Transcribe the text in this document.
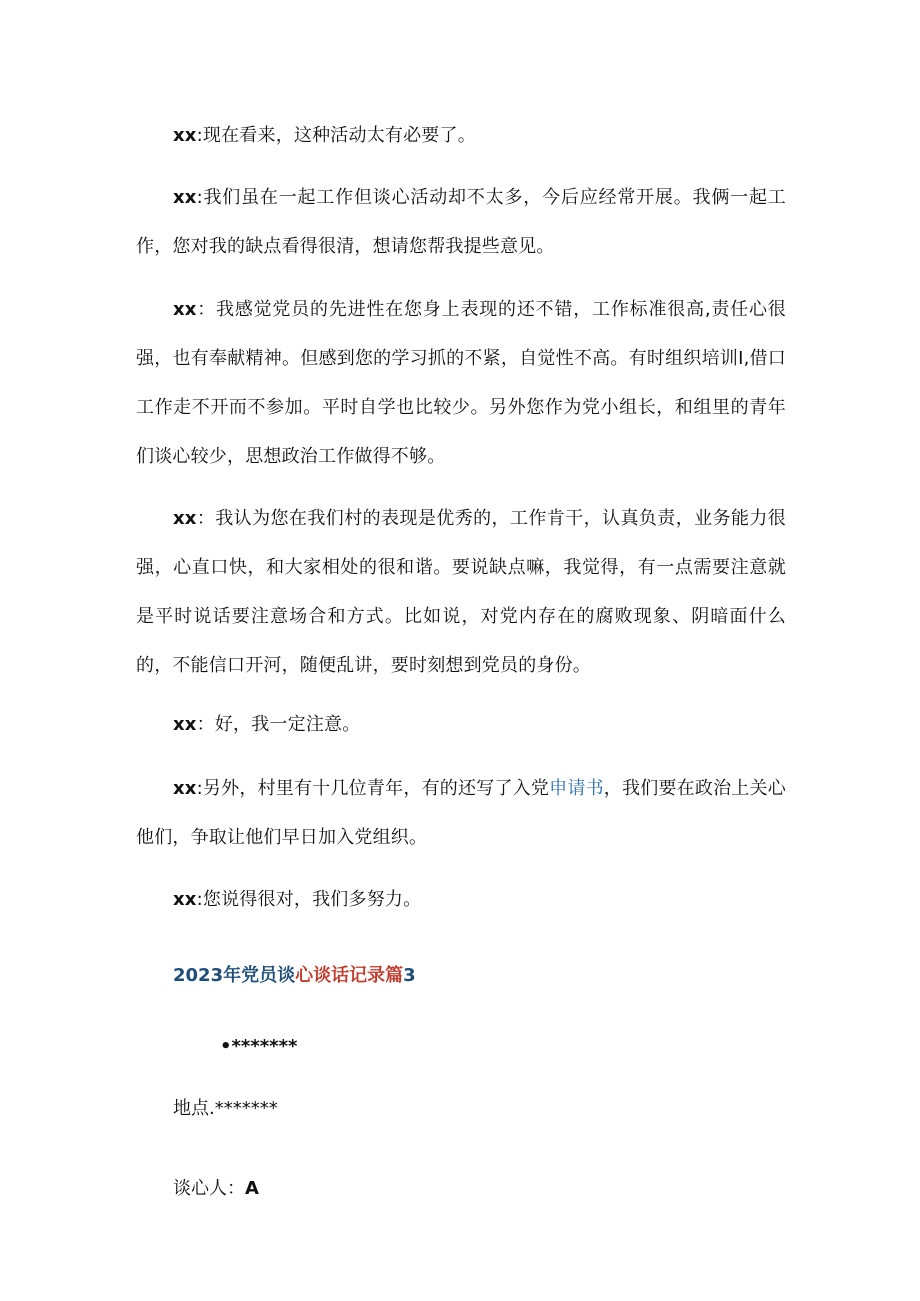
xx:现在看来，这种活动太有必要了。

xx:我们虽在一起工作但谈心活动却不太多，今后应经常开展。我俩一起工作，您对我的缺点看得很清，想请您帮我提些意见。

xx：我感觉党员的先进性在您身上表现的还不错，工作标准很高,责任心很强，也有奉献精神。但感到您的学习抓的不紧，自觉性不高。有时组织培训I,借口工作走不开而不参加。平时自学也比较少。另外您作为党小组长，和组里的青年们谈心较少，思想政治工作做得不够。

xx：我认为您在我们村的表现是优秀的，工作肯干，认真负责，业务能力很强，心直口快，和大家相处的很和谐。要说缺点嘛，我觉得，有一点需要注意就是平时说话要注意场合和方式。比如说，对党内存在的腐败现象、阴暗面什么的，不能信口开河，随便乱讲，要时刻想到党员的身份。

xx：好，我一定注意。

xx:另外，村里有十几位青年，有的还写了入党申请书，我们要在政治上关心他们，争取让他们早日加入党组织。

xx:您说得很对，我们多努力。

2023年党员谈心谈话记录篇3

•*******

地点.*******

谈心人：A
